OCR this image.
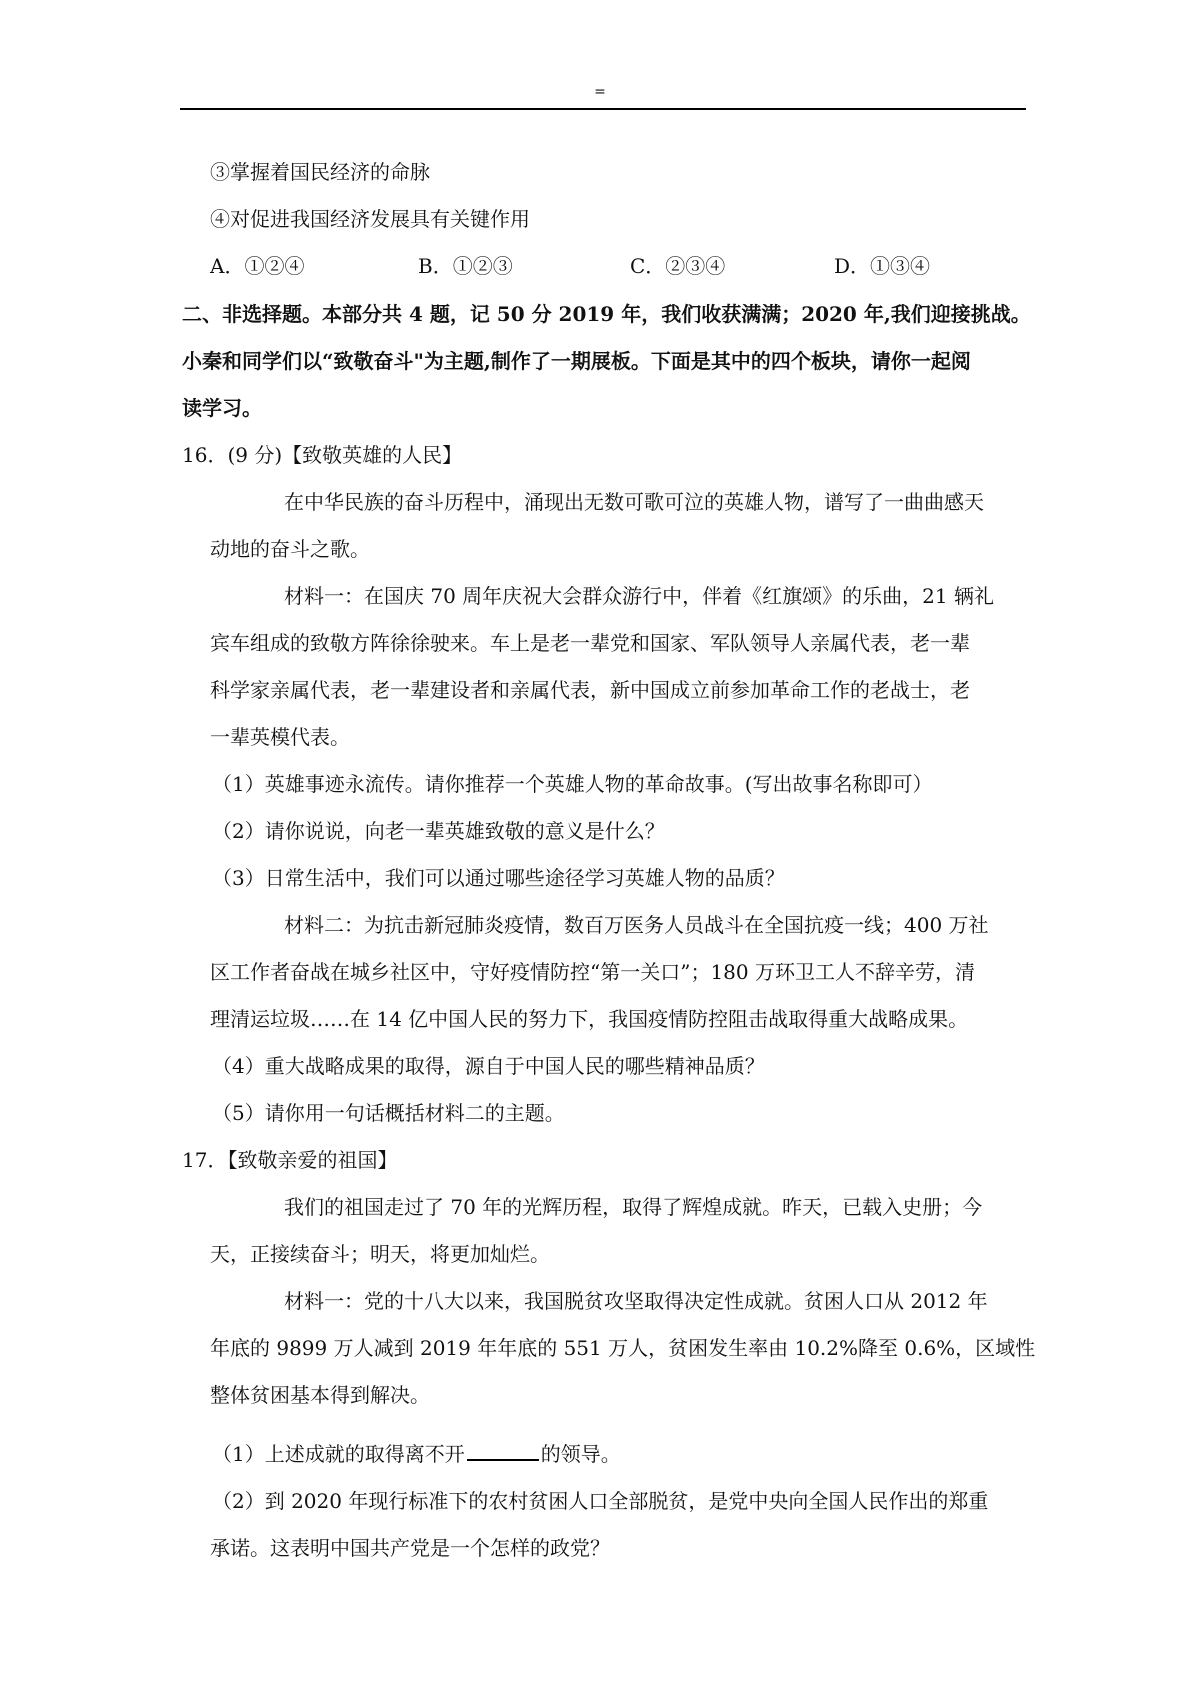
=
③掌握着国民经济的命脉
④对促进我国经济发展具有关键作用
A．①②④	B．①②③	C．②③④	D．①③④
二、非选择题。本部分共 4 题，记 50 分 2019 年，我们收获满满；2020 年,我们迎接挑战。
小秦和同学们以“致敬奋斗"为主题,制作了一期展板。下面是其中的四个板块，请你一起阅
读学习。
16．(9 分)【致敬英雄的人民】
在中华民族的奋斗历程中，涌现出无数可歌可泣的英雄人物，谱写了一曲曲感天
动地的奋斗之歌。
材料一：在国庆 70 周年庆祝大会群众游行中，伴着《红旗颂》的乐曲，21 辆礼
宾车组成的致敬方阵徐徐驶来。车上是老一辈党和国家、军队领导人亲属代表，老一辈
科学家亲属代表，老一辈建设者和亲属代表，新中国成立前参加革命工作的老战士，老
一辈英模代表。
（1）英雄事迹永流传。请你推荐一个英雄人物的革命故事。(写出故事名称即可）
（2）请你说说，向老一辈英雄致敬的意义是什么？
（3）日常生活中，我们可以通过哪些途径学习英雄人物的品质？
材料二：为抗击新冠肺炎疫情，数百万医务人员战斗在全国抗疫一线；400 万社
区工作者奋战在城乡社区中，守好疫情防控“第一关口”；180 万环卫工人不辞辛劳，清
理清运垃圾……在 14 亿中国人民的努力下，我国疫情防控阻击战取得重大战略成果。
（4）重大战略成果的取得，源自于中国人民的哪些精神品质？
（5）请你用一句话概括材料二的主题。
17．【致敬亲爱的祖国】
我们的祖国走过了 70 年的光辉历程，取得了辉煌成就。昨天，已载入史册；今
天，正接续奋斗；明天，将更加灿烂。
材料一：党的十八大以来，我国脱贫攻坚取得决定性成就。贫困人口从 2012 年
年底的 9899 万人减到 2019 年年底的 551 万人，贫困发生率由 10.2%降至 0.6%，区域性
整体贫困基本得到解决。
（1）上述成就的取得离不开	的领导。
（2）到 2020 年现行标准下的农村贫困人口全部脱贫，是党中央向全国人民作出的郑重
承诺。这表明中国共产党是一个怎样的政党？
